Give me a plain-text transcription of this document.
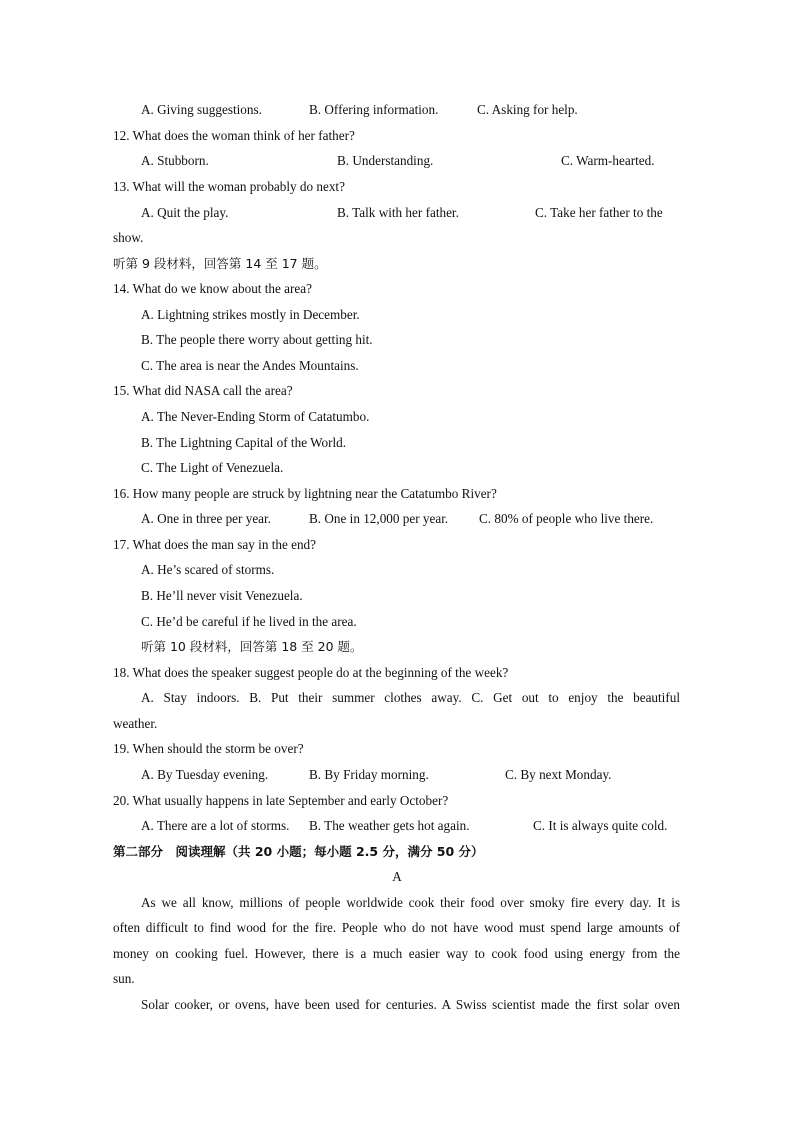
A. Giving suggestions.	B. Offering information.	C. Asking for help.
12. What does the woman think of her father?
A. Stubborn.	B. Understanding.	C. Warm-hearted.
13. What will the woman probably do next?
A. Quit the play.	B. Talk with her father.	C. Take her father to the
show.
听第 9 段材料，回答第 14 至 17 题。
14. What do we know about the area?
A. Lightning strikes mostly in December.
B. The people there worry about getting hit.
C. The area is near the Andes Mountains.
15. What did NASA call the area?
A. The Never-Ending Storm of Catatumbo.
B. The Lightning Capital of the World.
C. The Light of Venezuela.
16. How many people are struck by lightning near the Catatumbo River?
A. One in three per year.	B. One in 12,000 per year. C. 80% of people who live there.
17. What does the man say in the end?
A. He’s scared of storms.
B. He’ll never visit Venezuela.
C. He’d be careful if he lived in the area.
听第 10 段材料，回答第 18 至 20 题。
18. What does the speaker suggest people do at the beginning of the week?
A. Stay indoors. B. Put their summer clothes away. C. Get out to enjoy the beautiful
weather.
19. When should the storm be over?
A. By Tuesday evening.	B. By Friday morning.	C. By next Monday.
20. What usually happens in late September and early October?
A. There are a lot of storms. B. The weather gets hot again.	C. It is always quite cold.
第二部分　阅读理解（共 20 小题；每小题 2.5 分，满分 50 分）
A
As we all know, millions of people worldwide cook their food over smoky fire every day. It is
often difficult to find wood for the fire. People who do not have wood must spend large amounts of
money on cooking fuel. However, there is a much easier way to cook food using energy from the
sun.
Solar cooker, or ovens, have been used for centuries. A Swiss scientist made the first solar oven
